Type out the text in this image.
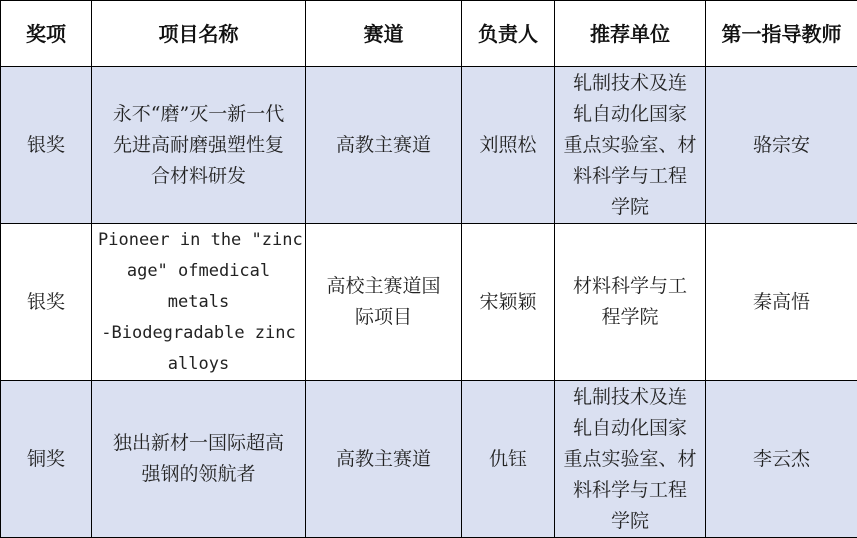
奖项	项目名称	赛道	负责人	推荐单位	第一指导教师
银奖	永不“磨”灭一新一代
先进高耐磨强塑性复
合材料研发	高教主赛道	刘照松	轧制技术及连
轧自动化国家
重点实验室、材
料科学与工程
学院	骆宗安
银奖	Pioneer in the "zinc
age" ofmedical
metals
-Biodegradable zinc
alloys	高校主赛道国
际项目	宋颖颖	材料科学与工
程学院	秦高悟
铜奖	独出新材一国际超高
强钢的领航者	高教主赛道	仇钰	轧制技术及连
轧自动化国家
重点实验室、材
料科学与工程
学院	李云杰
